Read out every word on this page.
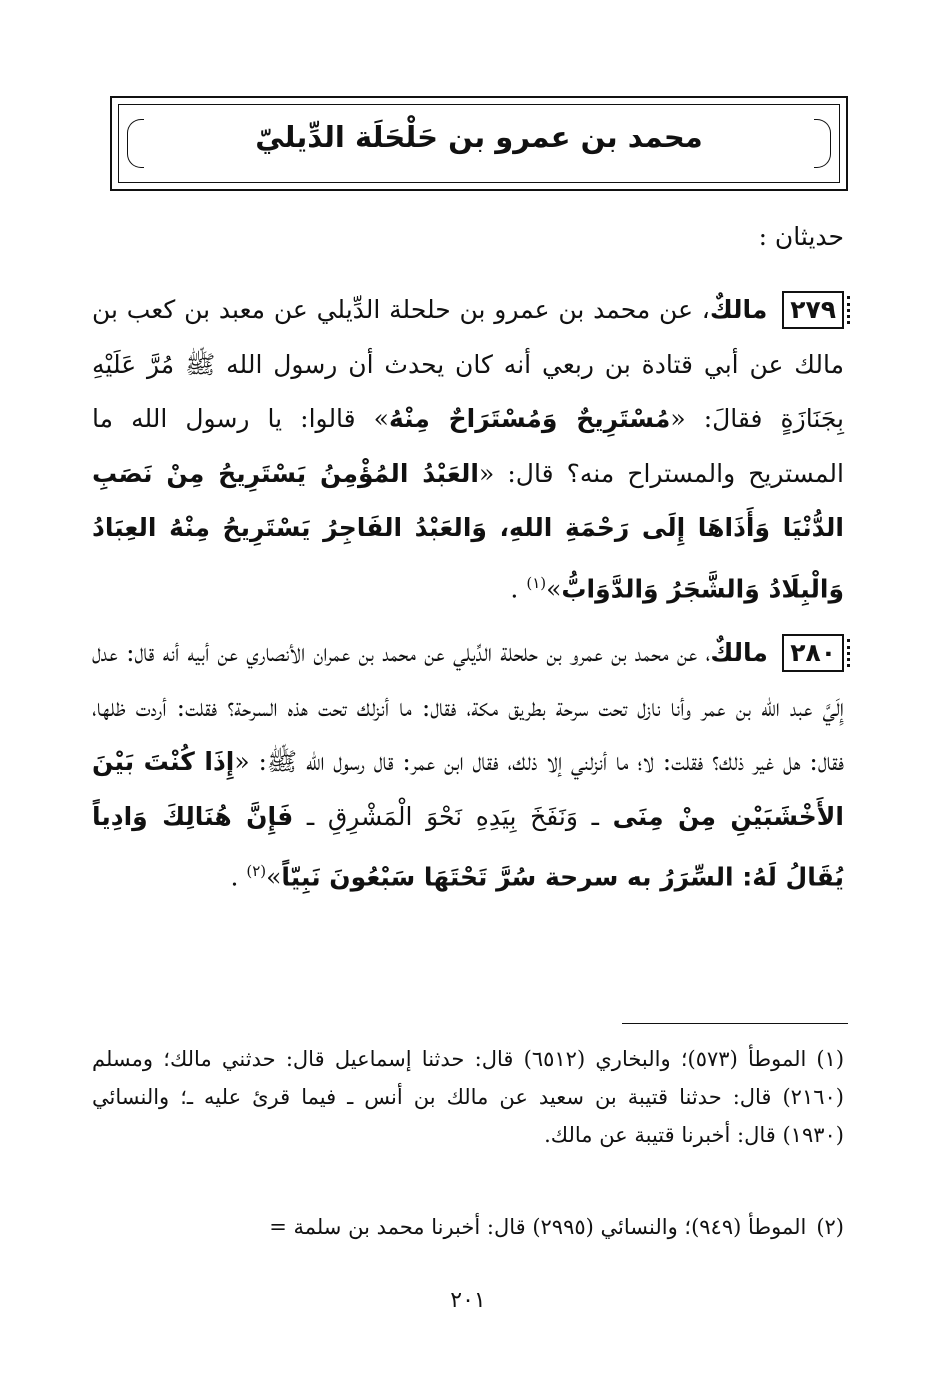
محمد بن عمرو بن حَلْحَلَة الدِّيليّ
حديثان :

٢٧٩ مالكٌ، عن محمد بن عمرو بن حلحلة الدِّيلي عن معبد بن كعب بن مالك عن أبي قتادة بن ربعي أنه كان يحدث أن رسول الله ﷺ مُرَّ عَلَيْهِ بِجَنَازَةٍ فقالَ: «مُسْتَرِيحٌ وَمُسْتَرَاحٌ مِنْهُ» قالوا: يا رسول الله ما المستريح والمستراح منه؟ قال: «العَبْدُ المُؤْمِنُ يَسْتَرِيحُ مِنْ نَصَبِ الدُّنْيَا وَأَذَاهَا إِلَى رَحْمَةِ اللهِ، وَالعَبْدُ الفَاجِرُ يَسْتَرِيحُ مِنْهُ العِبَادُ وَالْبِلَادُ وَالشَّجَرُ وَالدَّوَابُّ»$^{(١)}$ .

٢٨٠ مالكٌ، عن محمد بن عمرو بن حلحلة الدِّيلي عن محمد بن عمران الأنصاري عن أبيه أنه قال: عدل إِلَيَّ عبد الله بن عمر وأنا نازل تحت سرحة بطريق مكة، فقال: ما أنزلك تحت هذه السرحة؟ فقلت: أردت ظلها، فقال: هل غير ذلك؟ فقلت: لا؛ ما أنزلني إلا ذلك، فقال ابن عمر: قال رسول الله ﷺ: «إِذَا كُنْتَ بَيْنَ الأَخْشَبَيْنِ مِنْ مِنَى ـ وَنَفَخَ بِيَدِهِ نَحْوَ الْمَشْرِقِ ـ فَإِنَّ هُنَالِكَ وَادِياً يُقَالُ لَهُ: السِّرَرُ به سرحة سُرَّ تَحْتَهَا سَبْعُونَ نَبِيّاً»$^{(٢)}$ .

(١)الموطأ (٥٧٣)؛ والبخاري (٦٥١٢) قال: حدثنا إسماعيل قال: حدثني مالك؛ ومسلم (٢١٦٠) قال: حدثنا قتيبة بن سعيد عن مالك بن أنس ـ فيما قرئ عليه ـ؛ والنسائي (١٩٣٠) قال: أخبرنا قتيبة عن مالك.

(٢)الموطأ (٩٤٩)؛ والنسائي (٢٩٩٥) قال: أخبرنا محمد بن سلمة =

٢٠١
